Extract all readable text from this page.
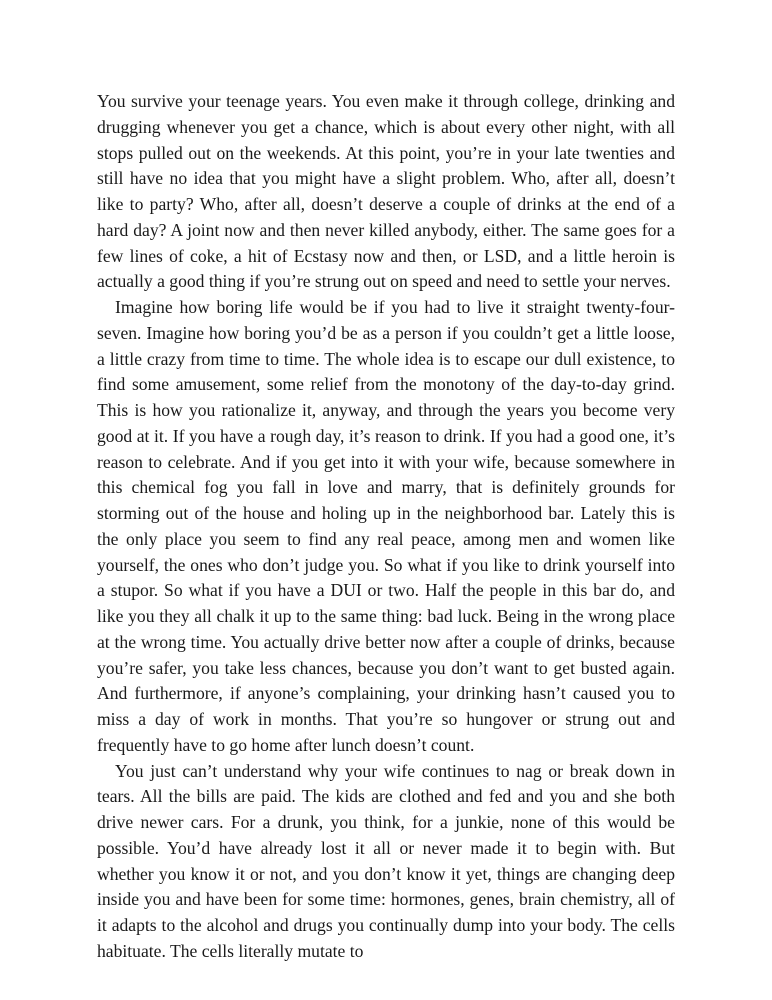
You survive your teenage years. You even make it through college, drinking and drugging whenever you get a chance, which is about every other night, with all stops pulled out on the weekends. At this point, you’re in your late twenties and still have no idea that you might have a slight problem. Who, after all, doesn’t like to party? Who, after all, doesn’t deserve a couple of drinks at the end of a hard day? A joint now and then never killed anybody, either. The same goes for a few lines of coke, a hit of Ecstasy now and then, or LSD, and a little heroin is actually a good thing if you’re strung out on speed and need to settle your nerves.

Imagine how boring life would be if you had to live it straight twenty-four-seven. Imagine how boring you’d be as a person if you couldn’t get a little loose, a little crazy from time to time. The whole idea is to escape our dull existence, to find some amusement, some relief from the monotony of the day-to-day grind. This is how you rationalize it, anyway, and through the years you become very good at it. If you have a rough day, it’s reason to drink. If you had a good one, it’s reason to celebrate. And if you get into it with your wife, because somewhere in this chemical fog you fall in love and marry, that is definitely grounds for storming out of the house and holing up in the neighborhood bar. Lately this is the only place you seem to find any real peace, among men and women like yourself, the ones who don’t judge you. So what if you like to drink yourself into a stupor. So what if you have a DUI or two. Half the people in this bar do, and like you they all chalk it up to the same thing: bad luck. Being in the wrong place at the wrong time. You actually drive better now after a couple of drinks, because you’re safer, you take less chances, because you don’t want to get busted again. And furthermore, if anyone’s complaining, your drinking hasn’t caused you to miss a day of work in months. That you’re so hungover or strung out and frequently have to go home after lunch doesn’t count.

You just can’t understand why your wife continues to nag or break down in tears. All the bills are paid. The kids are clothed and fed and you and she both drive newer cars. For a drunk, you think, for a junkie, none of this would be possible. You’d have already lost it all or never made it to begin with. But whether you know it or not, and you don’t know it yet, things are changing deep inside you and have been for some time: hormones, genes, brain chemistry, all of it adapts to the alcohol and drugs you continually dump into your body. The cells habituate. The cells literally mutate to
